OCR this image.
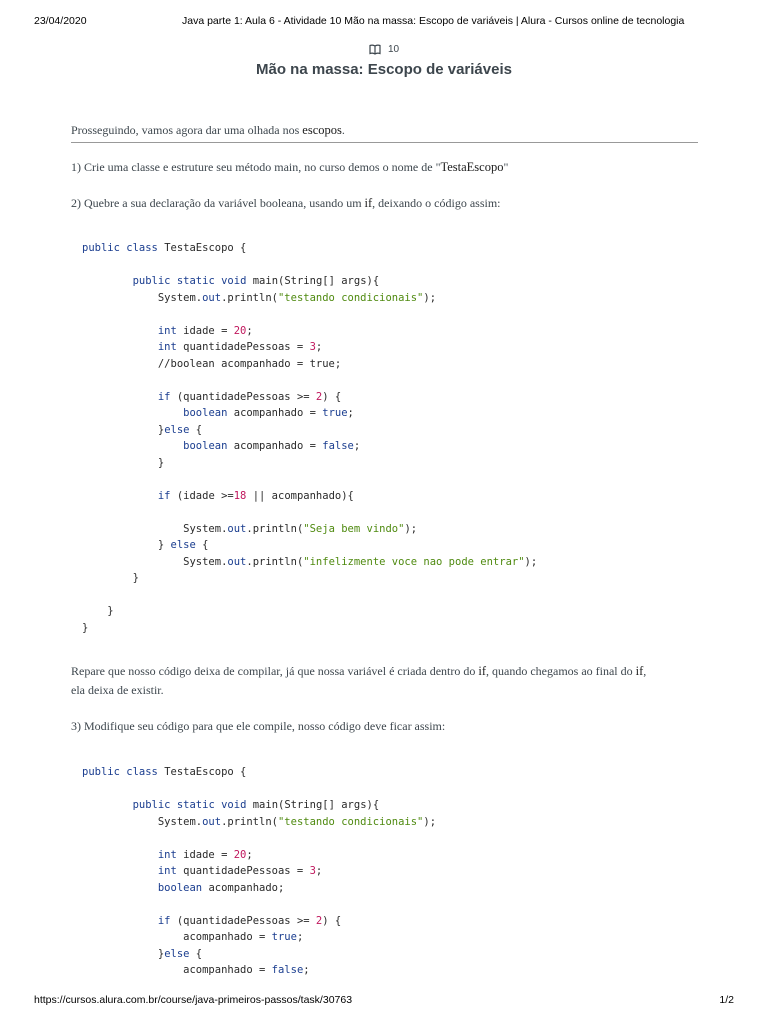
23/04/2020	Java parte 1: Aula 6 - Atividade 10 Mão na massa: Escopo de variáveis | Alura - Cursos online de tecnologia
10
Mão na massa: Escopo de variáveis

Prosseguindo, vamos agora dar uma olhada nos escopos.

1) Crie uma classe e estruture seu método main, no curso demos o nome de "TestaEscopo"

2) Quebre a sua declaração da variável booleana, usando um if, deixando o código assim:

Repare que nosso código deixa de compilar, já que nossa variável é criada dentro do if, quando chegamos ao final do if,
ela deixa de existir.

3) Modifique seu código para que ele compile, nosso código deve ficar assim:

public class TestaEscopo {

public static void main(String[] args){
System.out.println("testando condicionais");

int idade = 20;
int quantidadePessoas = 3;
//boolean acompanhado = true;

if (quantidadePessoas >= 2) {
boolean acompanhado = true;
}else {
boolean acompanhado = false;
}

if (idade >=18 || acompanhado){

System.out.println("Seja bem vindo");
} else {
System.out.println("infelizmente voce nao pode entrar");
}

}
}
public class TestaEscopo {

public static void main(String[] args){
System.out.println("testando condicionais");

int idade = 20;
int quantidadePessoas = 3;
boolean acompanhado;

if (quantidadePessoas >= 2) {
acompanhado = true;
}else {
acompanhado = false;
https://cursos.alura.com.br/course/java-primeiros-passos/task/30763	1/2
